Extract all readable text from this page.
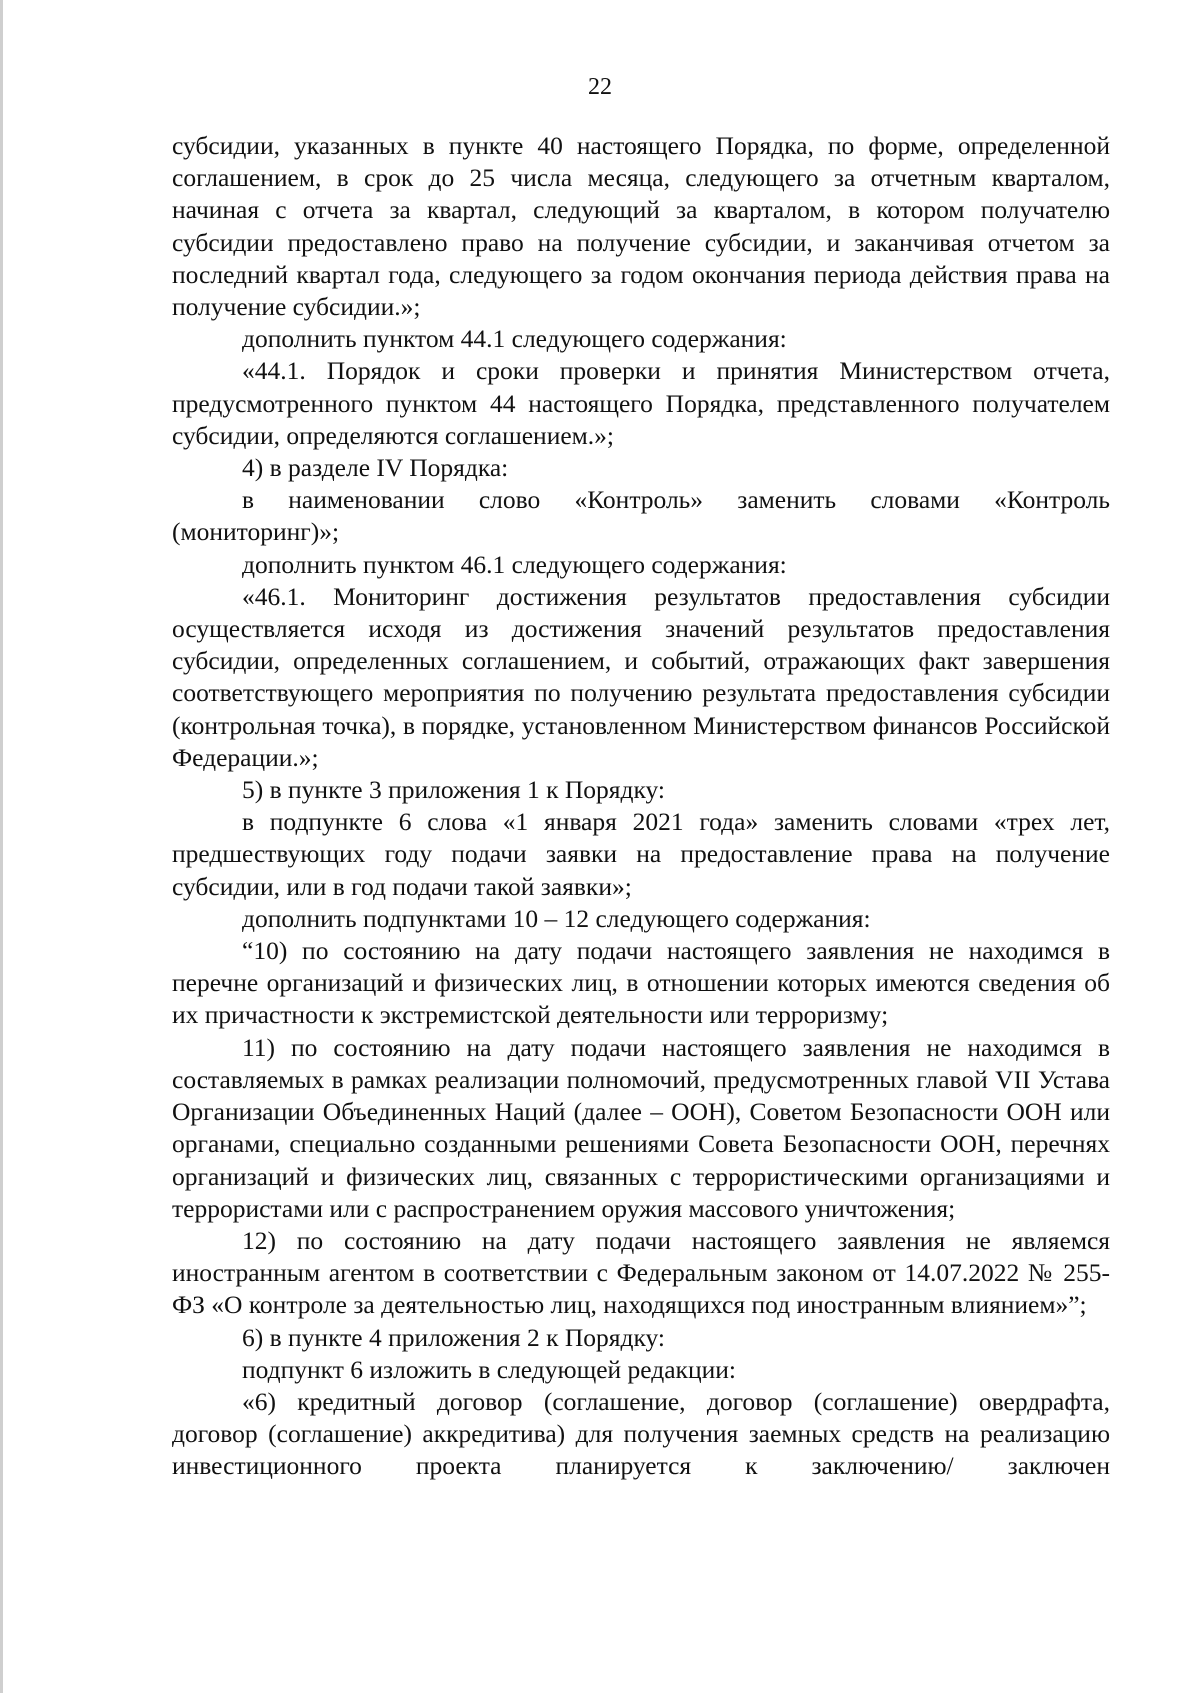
22

субсидии, указанных в пункте 40 настоящего Порядка, по форме, определенной соглашением, в срок до 25 числа месяца, следующего за отчетным кварталом, начиная с отчета за квартал, следующий за кварталом, в котором получателю субсидии предоставлено право на получение субсидии, и заканчивая отчетом за последний квартал года, следующего за годом окончания периода действия права на получение субсидии.»;

дополнить пунктом 44.1 следующего содержания:

«44.1. Порядок и сроки проверки и принятия Министерством отчета, предусмотренного пунктом 44 настоящего Порядка, представленного получателем субсидии, определяются соглашением.»;

4) в разделе IV Порядка:

в наименовании слово «Контроль» заменить словами «Контроль (мониторинг)»;

дополнить пунктом 46.1 следующего содержания:

«46.1. Мониторинг достижения результатов предоставления субсидии осуществляется исходя из достижения значений результатов предоставления субсидии, определенных соглашением, и событий, отражающих факт завершения соответствующего мероприятия по получению результата предоставления субсидии (контрольная точка), в порядке, установленном Министерством финансов Российской Федерации.»;

5) в пункте 3 приложения 1 к Порядку:

в подпункте 6 слова «1 января 2021 года» заменить словами «трех лет, предшествующих году подачи заявки на предоставление права на получение субсидии, или в год подачи такой заявки»;

дополнить подпунктами 10 – 12 следующего содержания:

“10) по состоянию на дату подачи настоящего заявления не находимся в перечне организаций и физических лиц, в отношении которых имеются сведения об их причастности к экстремистской деятельности или терроризму;

11) по состоянию на дату подачи настоящего заявления не находимся в составляемых в рамках реализации полномочий, предусмотренных главой VII Устава Организации Объединенных Наций (далее – ООН), Советом Безопасности ООН или органами, специально созданными решениями Совета Безопасности ООН, перечнях организаций и физических лиц, связанных с террористическими организациями и террористами или с распространением оружия массового уничтожения;

12) по состоянию на дату подачи настоящего заявления не являемся иностранным агентом в соответствии с Федеральным законом от 14.07.2022 № 255-ФЗ «О контроле за деятельностью лиц, находящихся под иностранным влиянием»”;

6) в пункте 4 приложения 2 к Порядку:

подпункт 6 изложить в следующей редакции:

«6) кредитный договор (соглашение, договор (соглашение) овердрафта, договор (соглашение) аккредитива) для получения заемных средств на реализацию инвестиционного проекта планируется к заключению/ заключен
